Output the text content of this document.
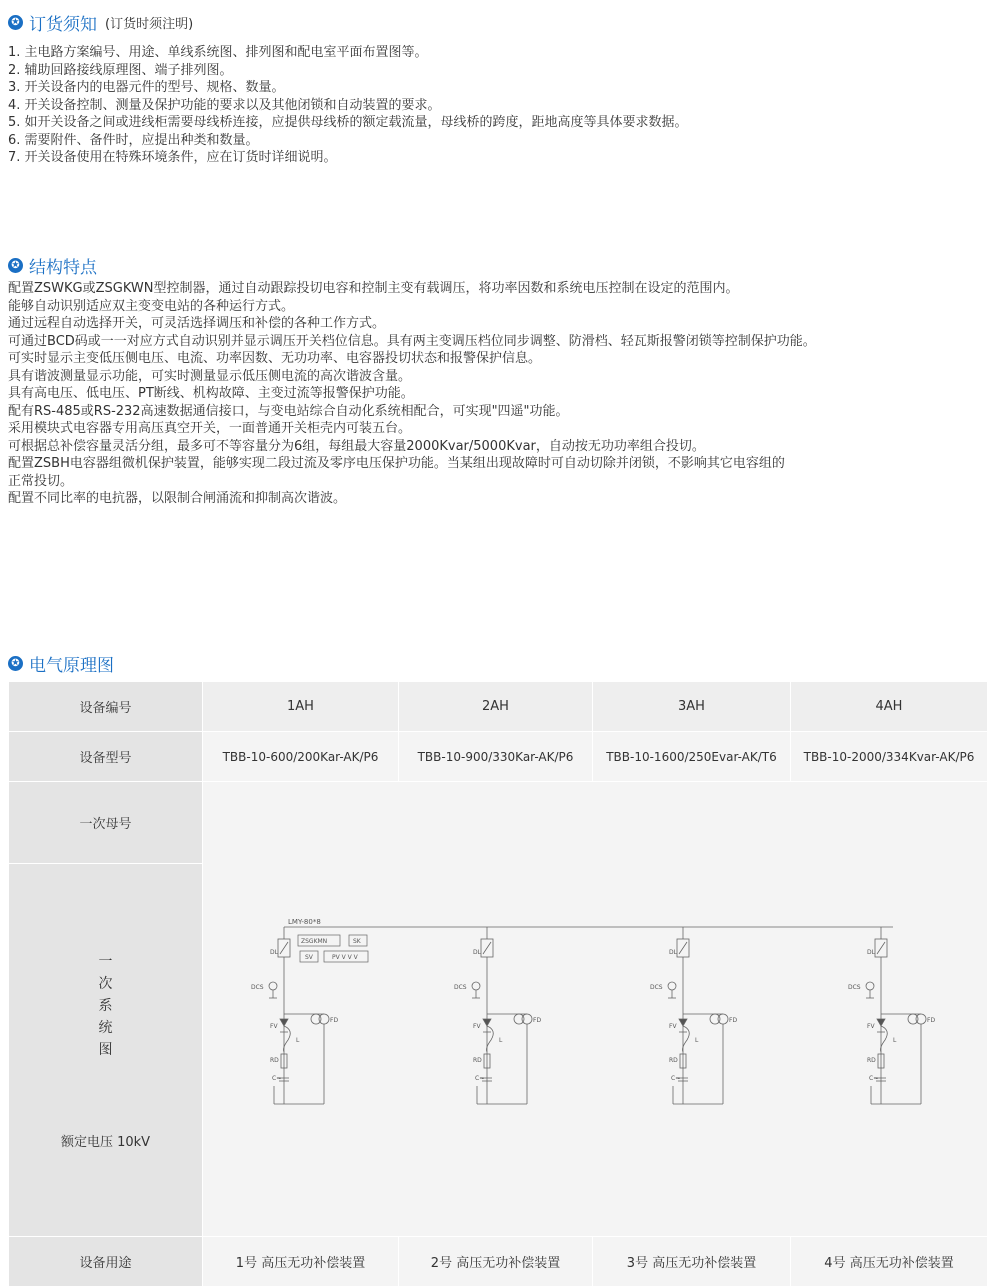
✪ 订货须知 (订货时须注明)
1. 主电路方案编号、用途、单线系统图、排列图和配电室平面布置图等。
2. 辅助回路接线原理图、端子排列图。
3. 开关设备内的电器元件的型号、规格、数量。
4. 开关设备控制、测量及保护功能的要求以及其他闭锁和自动装置的要求。
5. 如开关设备之间或进线柜需要母线桥连接，应提供母线桥的额定载流量，母线桥的跨度，距地高度等具体要求数据。
6. 需要附件、备件时，应提出种类和数量。
7. 开关设备使用在特殊环境条件，应在订货时详细说明。
✪ 结构特点
配置ZSWKG或ZSGKWN型控制器，通过自动跟踪投切电容和控制主变有载调压，将功率因数和系统电压控制在设定的范围内。
能够自动识别适应双主变变电站的各种运行方式。
通过远程自动选择开关，可灵活选择调压和补偿的各种工作方式。
可通过BCD码或一一对应方式自动识别并显示调压开关档位信息。具有两主变调压档位同步调整、防滑档、轻瓦斯报警闭锁等控制保护功能。
可实时显示主变低压侧电压、电流、功率因数、无功功率、电容器投切状态和报警保护信息。
具有谐波测量显示功能，可实时测量显示低压侧电流的高次谐波含量。
具有高电压、低电压、PT断线、机构故障、主变过流等报警保护功能。
配有RS-485或RS-232高速数据通信接口，与变电站综合自动化系统相配合，可实现"四遥"功能。
采用模块式电容器专用高压真空开关，一面普通开关柜壳内可装五台。
可根据总补偿容量灵活分组，最多可不等容量分为6组，每组最大容量2000Kvar/5000Kvar，自动按无功功率组合投切。
配置ZSBH电容器组微机保护装置，能够实现二段过流及零序电压保护功能。当某组出现故障时可自动切除并闭锁，不影响其它电容组的
正常投切。
配置不同比率的电抗器，以限制合闸涌流和抑制高次谐波。
✪ 电气原理图
设备编号	1AH	2AH	3AH	4AH
设备型号	TBB-10-600/200Kar-AK/P6	TBB-10-900/330Kar-AK/P6	TBB-10-1600/250Evar-AK/T6	TBB-10-2000/334Kvar-AK/P6
一次母号				
一次系统图
额定电压 10kV				

设备用途	1号 高压无功补偿装置	2号 高压无功补偿装置	3号 高压无功补偿装置	4号 高压无功补偿装置
LMY-80*8
ZSGKMN	SK
SV	PV V V V
DL
DCS
FV
FD
L
RD
C=
DL
DCS
FV
FD
L
RD
C=
DL
DCS
FV
FD
L
RD
C=
DL
DCS
FV
FD
L
RD
C=
